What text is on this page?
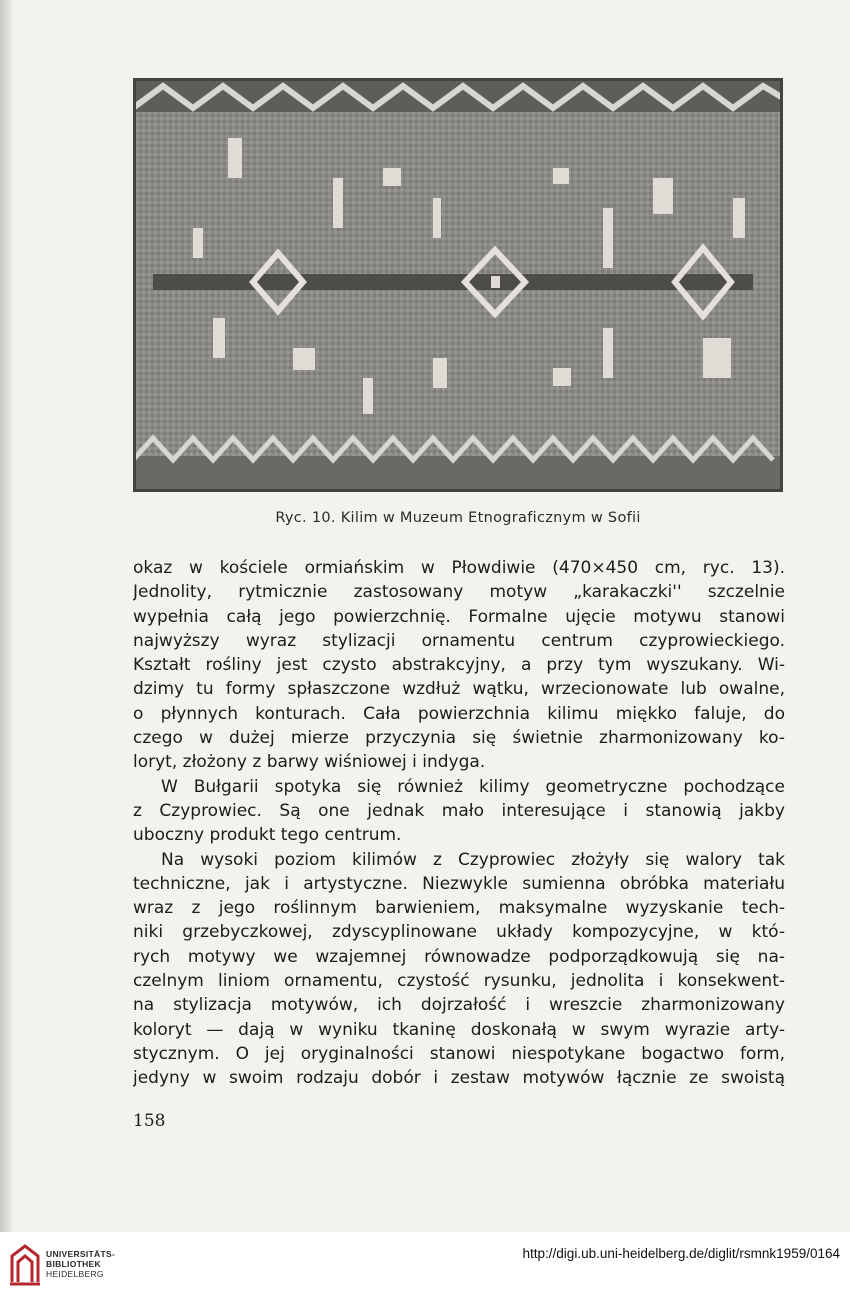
Ryc. 10. Kilim w Muzeum Etnograficznym w Sofii
okaz w kościele ormiańskim w Płowdiwie (470×450 cm, ryc. 13).
Jednolity, rytmicznie zastosowany motyw „karakaczki'' szczelnie
wypełnia całą jego powierzchnię. Formalne ujęcie motywu stanowi
najwyższy wyraz stylizacji ornamentu centrum czyprowieckiego.
Kształt rośliny jest czysto abstrakcyjny, a przy tym wyszukany. Wi-
dzimy tu formy spłaszczone wzdłuż wątku, wrzecionowate lub owalne,
o płynnych konturach. Cała powierzchnia kilimu miękko faluje, do
czego w dużej mierze przyczynia się świetnie zharmonizowany ko-
loryt, złożony z barwy wiśniowej i indyga.
W Bułgarii spotyka się również kilimy geometryczne pochodzące
z Czyprowiec. Są one jednak mało interesujące i stanowią jakby
uboczny produkt tego centrum.
Na wysoki poziom kilimów z Czyprowiec złożyły się walory tak
techniczne, jak i artystyczne. Niezwykle sumienna obróbka materiału
wraz z jego roślinnym barwieniem, maksymalne wyzyskanie tech-
niki grzebyczkowej, zdyscyplinowane układy kompozycyjne, w któ-
rych motywy we wzajemnej równowadze podporządkowują się na-
czelnym liniom ornamentu, czystość rysunku, jednolita i konsekwent-
na stylizacja motywów, ich dojrzałość i wreszcie zharmonizowany
koloryt — dają w wyniku tkaninę doskonałą w swym wyrazie arty-
stycznym. O jej oryginalności stanowi niespotykane bogactwo form,
jedyny w swoim rodzaju dobór i zestaw motywów łącznie ze swoistą
158
UNIVERSITÄTS-
BIBLIOTHEK
HEIDELBERG
http://digi.ub.uni-heidelberg.de/diglit/rsmnk1959/0164
